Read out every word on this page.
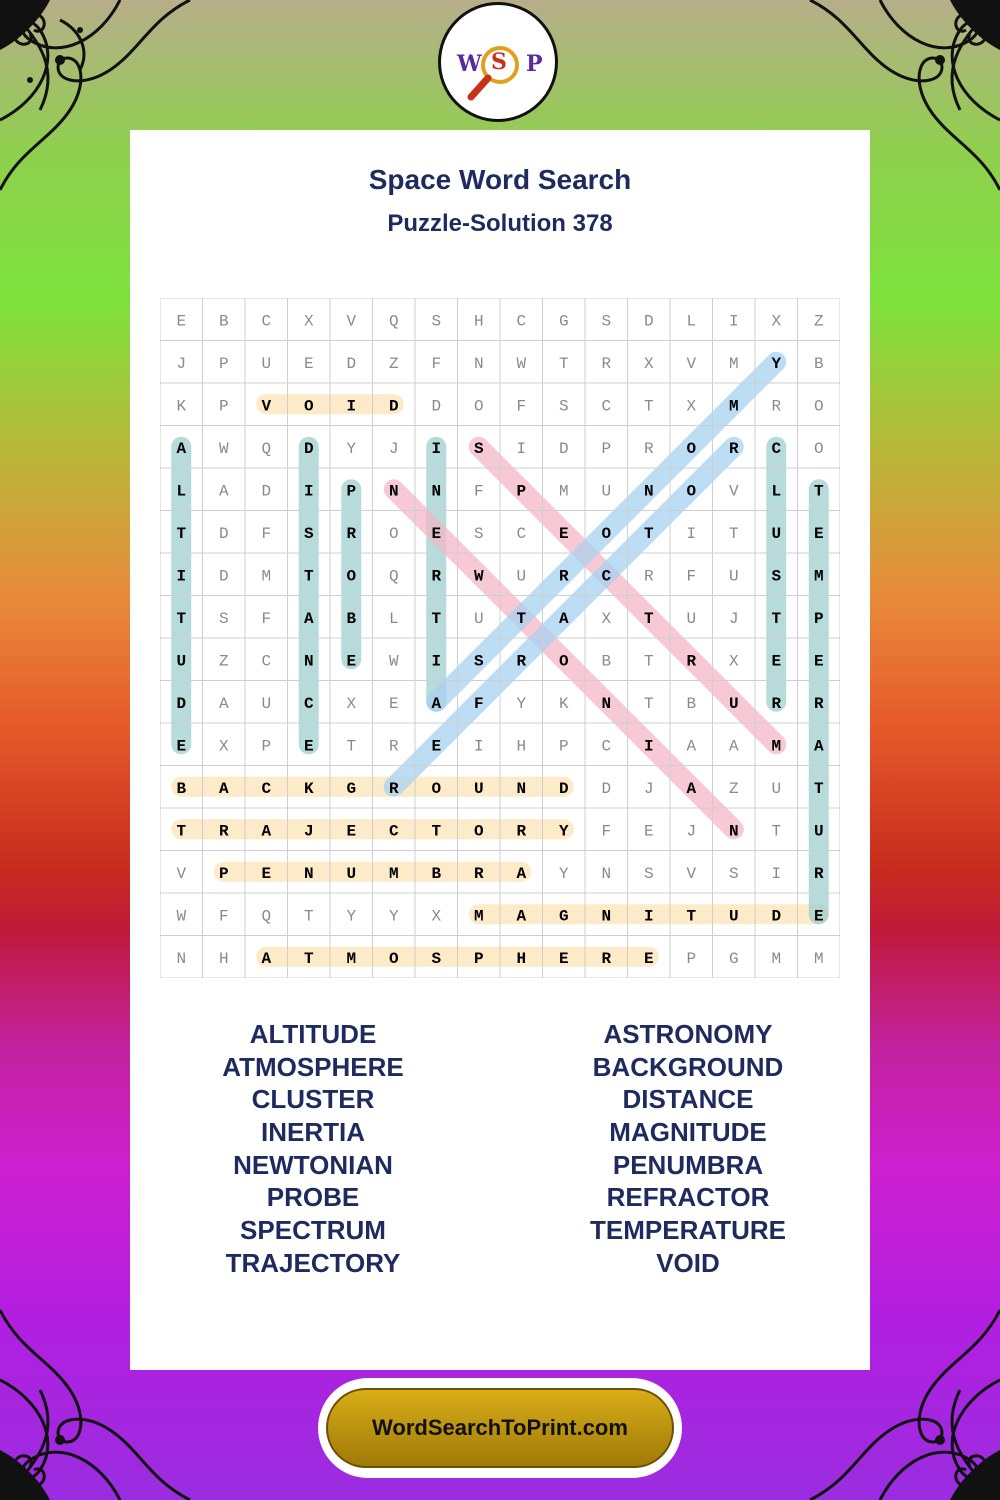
W S P
Space Word Search
Puzzle-Solution 378
E B C X V Q S H C G S D L I X Z
J P U E D Z F N W T R X V M Y B
K P V O I D D O F S C T X M R O
A W Q D Y J I S I D P R O R C O
L A D I P N N F P M U N O V L T
T D F S R O E S C E O T I T U E
I D M T O Q R W U R C R F U S M
T S F A B L T U T A X T U J T P
U Z C N E W I S R O B T R X E E
D A U C X E A F Y K N T B U R R
E X P E T R E I H P C I A A M A
B A C K G R O U N D D J A Z U T
T R A J E C T O R Y F E J N T U
V P E N U M B R A Y N S V S I R
W F Q T Y Y X M A G N I T U D E
N H A T M O S P H E R E P G M M
ALTITUDE
ATMOSPHERE
CLUSTER
INERTIA
NEWTONIAN
PROBE
SPECTRUM
TRAJECTORY
ASTRONOMY
BACKGROUND
DISTANCE
MAGNITUDE
PENUMBRA
REFRACTOR
TEMPERATURE
VOID
WordSearchToPrint.com
